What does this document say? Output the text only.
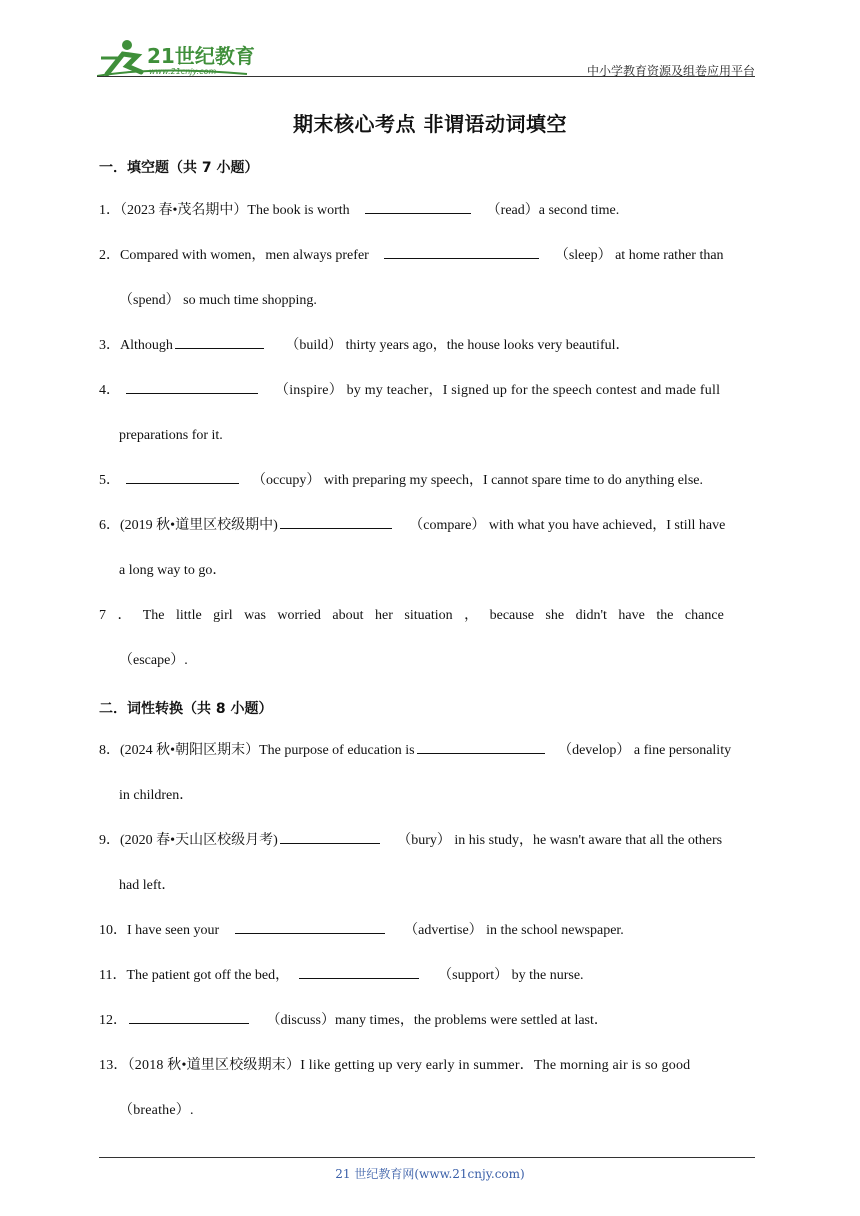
21世纪教育
www.21cnjy.com	中小学教育资源及组卷应用平台
期末核心考点 非谓语动词填空
一．填空题（共 7 小题）
1．（2023 春•茂名期中）The book is worth	（read）a second time.
2．Compared with women，men always prefer	（sleep） at home rather than
（spend） so much time shopping.
3．Although	（build） thirty years ago，the house looks very beautiful．
4．	（inspire） by my teacher，I signed up for the speech contest and made full
preparations for it.
5．	（occupy） with preparing my speech，I cannot spare time to do anything else.
6．(2019 秋•道里区校级期中)	（compare） with what you have achieved，I still have
a long way to go．
7 ． The little girl was worried about her situation ， because she didn't have the chance
（escape）.
二．词性转换（共 8 小题）
8．(2024 秋•朝阳区期末）The purpose of education is	（develop） a fine personality
in children．
9．(2020 春•天山区校级月考)	（bury） in his study，he wasn't aware that all the others
had left．
10．I have seen your	（advertise） in the school newspaper.
11．The patient got off the bed，	（support） by the nurse.
12．	（discuss）many times，the problems were settled at last．
13．（2018 秋•道里区校级期末）I like getting up very early in summer．The morning air is so good
（breathe）.
21 世纪教育网(www.21cnjy.com)
